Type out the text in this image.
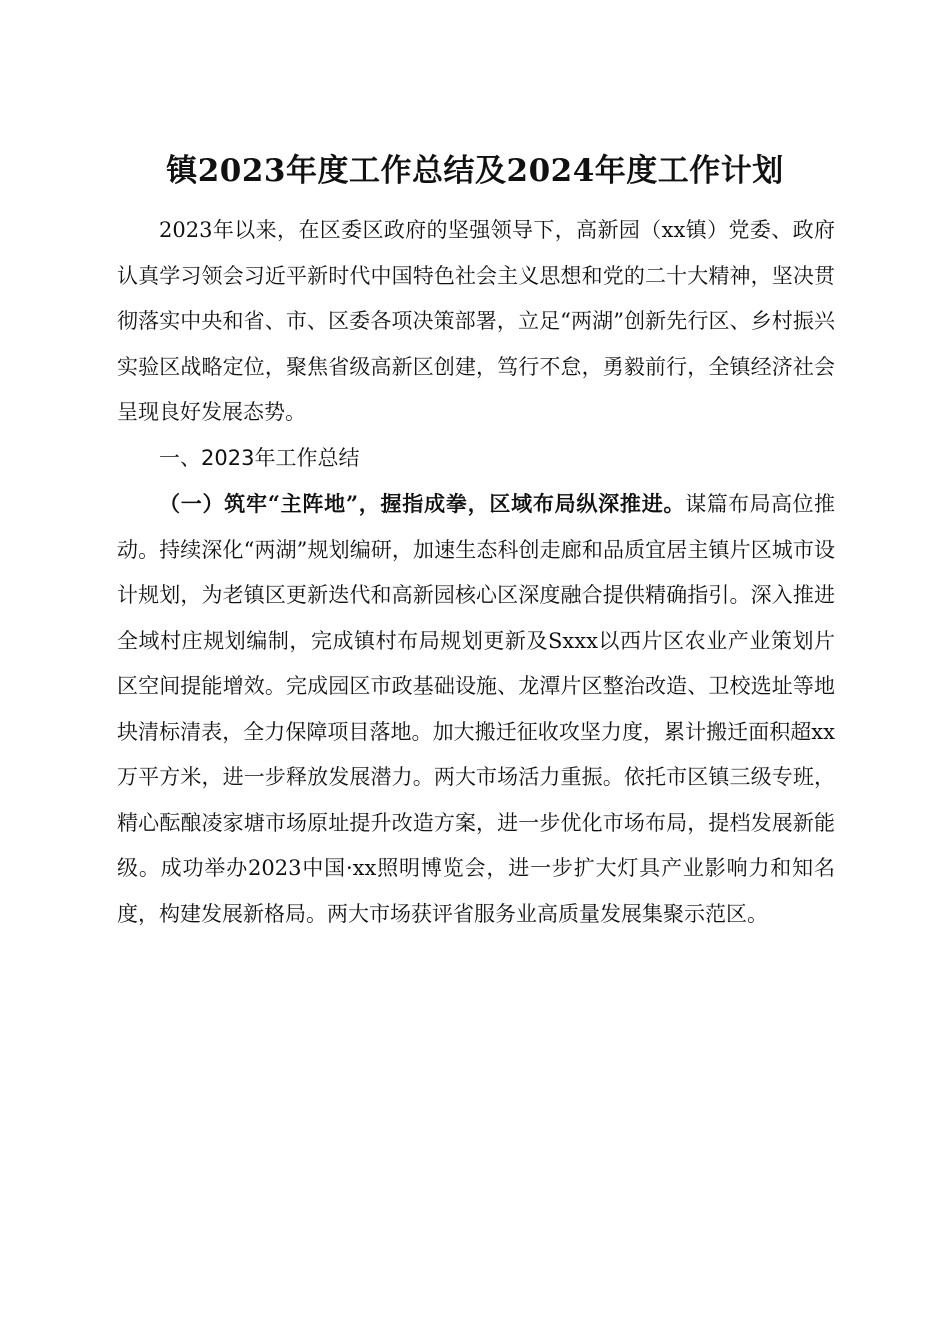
镇2023年度工作总结及2024年度工作计划

2023年以来，在区委区政府的坚强领导下，高新园（xx镇）党委、政府认真学习领会习近平新时代中国特色社会主义思想和党的二十大精神，坚决贯彻落实中央和省、市、区委各项决策部署，立足“两湖”创新先行区、乡村振兴实验区战略定位，聚焦省级高新区创建，笃行不怠，勇毅前行，全镇经济社会呈现良好发展态势。

一、2023年工作总结

（一）筑牢“主阵地”，握指成拳，区域布局纵深推进。谋篇布局高位推动。持续深化“两湖”规划编研，加速生态科创走廊和品质宜居主镇片区城市设计规划，为老镇区更新迭代和高新园核心区深度融合提供精确指引。深入推进全域村庄规划编制，完成镇村布局规划更新及Sxxx以西片区农业产业策划片区空间提能增效。完成园区市政基础设施、龙潭片区整治改造、卫校选址等地块清标清表，全力保障项目落地。加大搬迁征收攻坚力度，累计搬迁面积超xx万平方米，进一步释放发展潜力。两大市场活力重振。依托市区镇三级专班，精心酝酿凌家塘市场原址提升改造方案，进一步优化市场布局，提档发展新能级。成功举办2023中国·xx照明博览会，进一步扩大灯具产业影响力和知名度，构建发展新格局。两大市场获评省服务业高质量发展集聚示范区。
